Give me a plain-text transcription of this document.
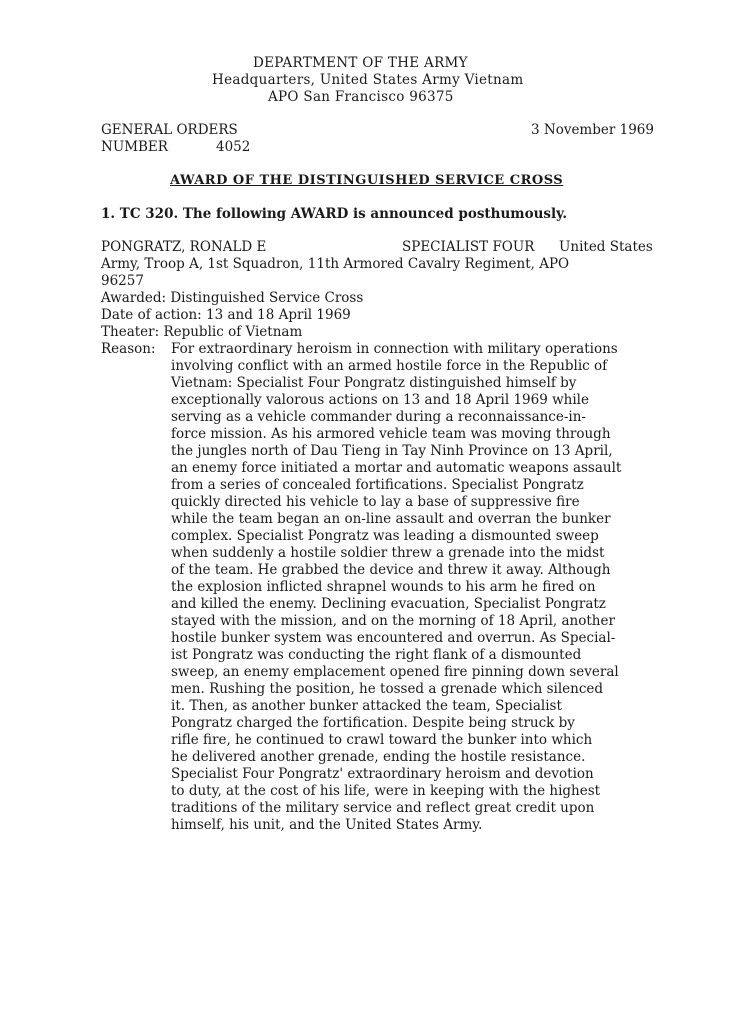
DEPARTMENT OF THE ARMY
Headquarters, United States Army Vietnam
APO San Francisco 96375
GENERAL ORDERS
NUMBER	4052
3 November 1969
AWARD OF THE DISTINGUISHED SERVICE CROSS
1. TC 320. The following AWARD is announced posthumously.
PONGRATZ, RONALD E	SPECIALIST FOUR United States
Army, Troop A, 1st Squadron, 11th Armored Cavalry Regiment, APO
96257
Awarded: Distinguished Service Cross
Date of action: 13 and 18 April 1969
Theater: Republic of Vietnam
Reason: For extraordinary heroism in connection with military operations
involving conflict with an armed hostile force in the Republic of
Vietnam: Specialist Four Pongratz distinguished himself by
exceptionally valorous actions on 13 and 18 April 1969 while
serving as a vehicle commander during a reconnaissance-in-
force mission. As his armored vehicle team was moving through
the jungles north of Dau Tieng in Tay Ninh Province on 13 April,
an enemy force initiated a mortar and automatic weapons assault
from a series of concealed fortifications. Specialist Pongratz
quickly directed his vehicle to lay a base of suppressive fire
while the team began an on-line assault and overran the bunker
complex. Specialist Pongratz was leading a dismounted sweep
when suddenly a hostile soldier threw a grenade into the midst
of the team. He grabbed the device and threw it away. Although
the explosion inflicted shrapnel wounds to his arm he fired on
and killed the enemy. Declining evacuation, Specialist Pongratz
stayed with the mission, and on the morning of 18 April, another
hostile bunker system was encountered and overrun. As Special-
ist Pongratz was conducting the right flank of a dismounted
sweep, an enemy emplacement opened fire pinning down several
men. Rushing the position, he tossed a grenade which silenced
it. Then, as another bunker attacked the team, Specialist
Pongratz charged the fortification. Despite being struck by
rifle fire, he continued to crawl toward the bunker into which
he delivered another grenade, ending the hostile resistance.
Specialist Four Pongratz' extraordinary heroism and devotion
to duty, at the cost of his life, were in keeping with the highest
traditions of the military service and reflect great credit upon
himself, his unit, and the United States Army.
